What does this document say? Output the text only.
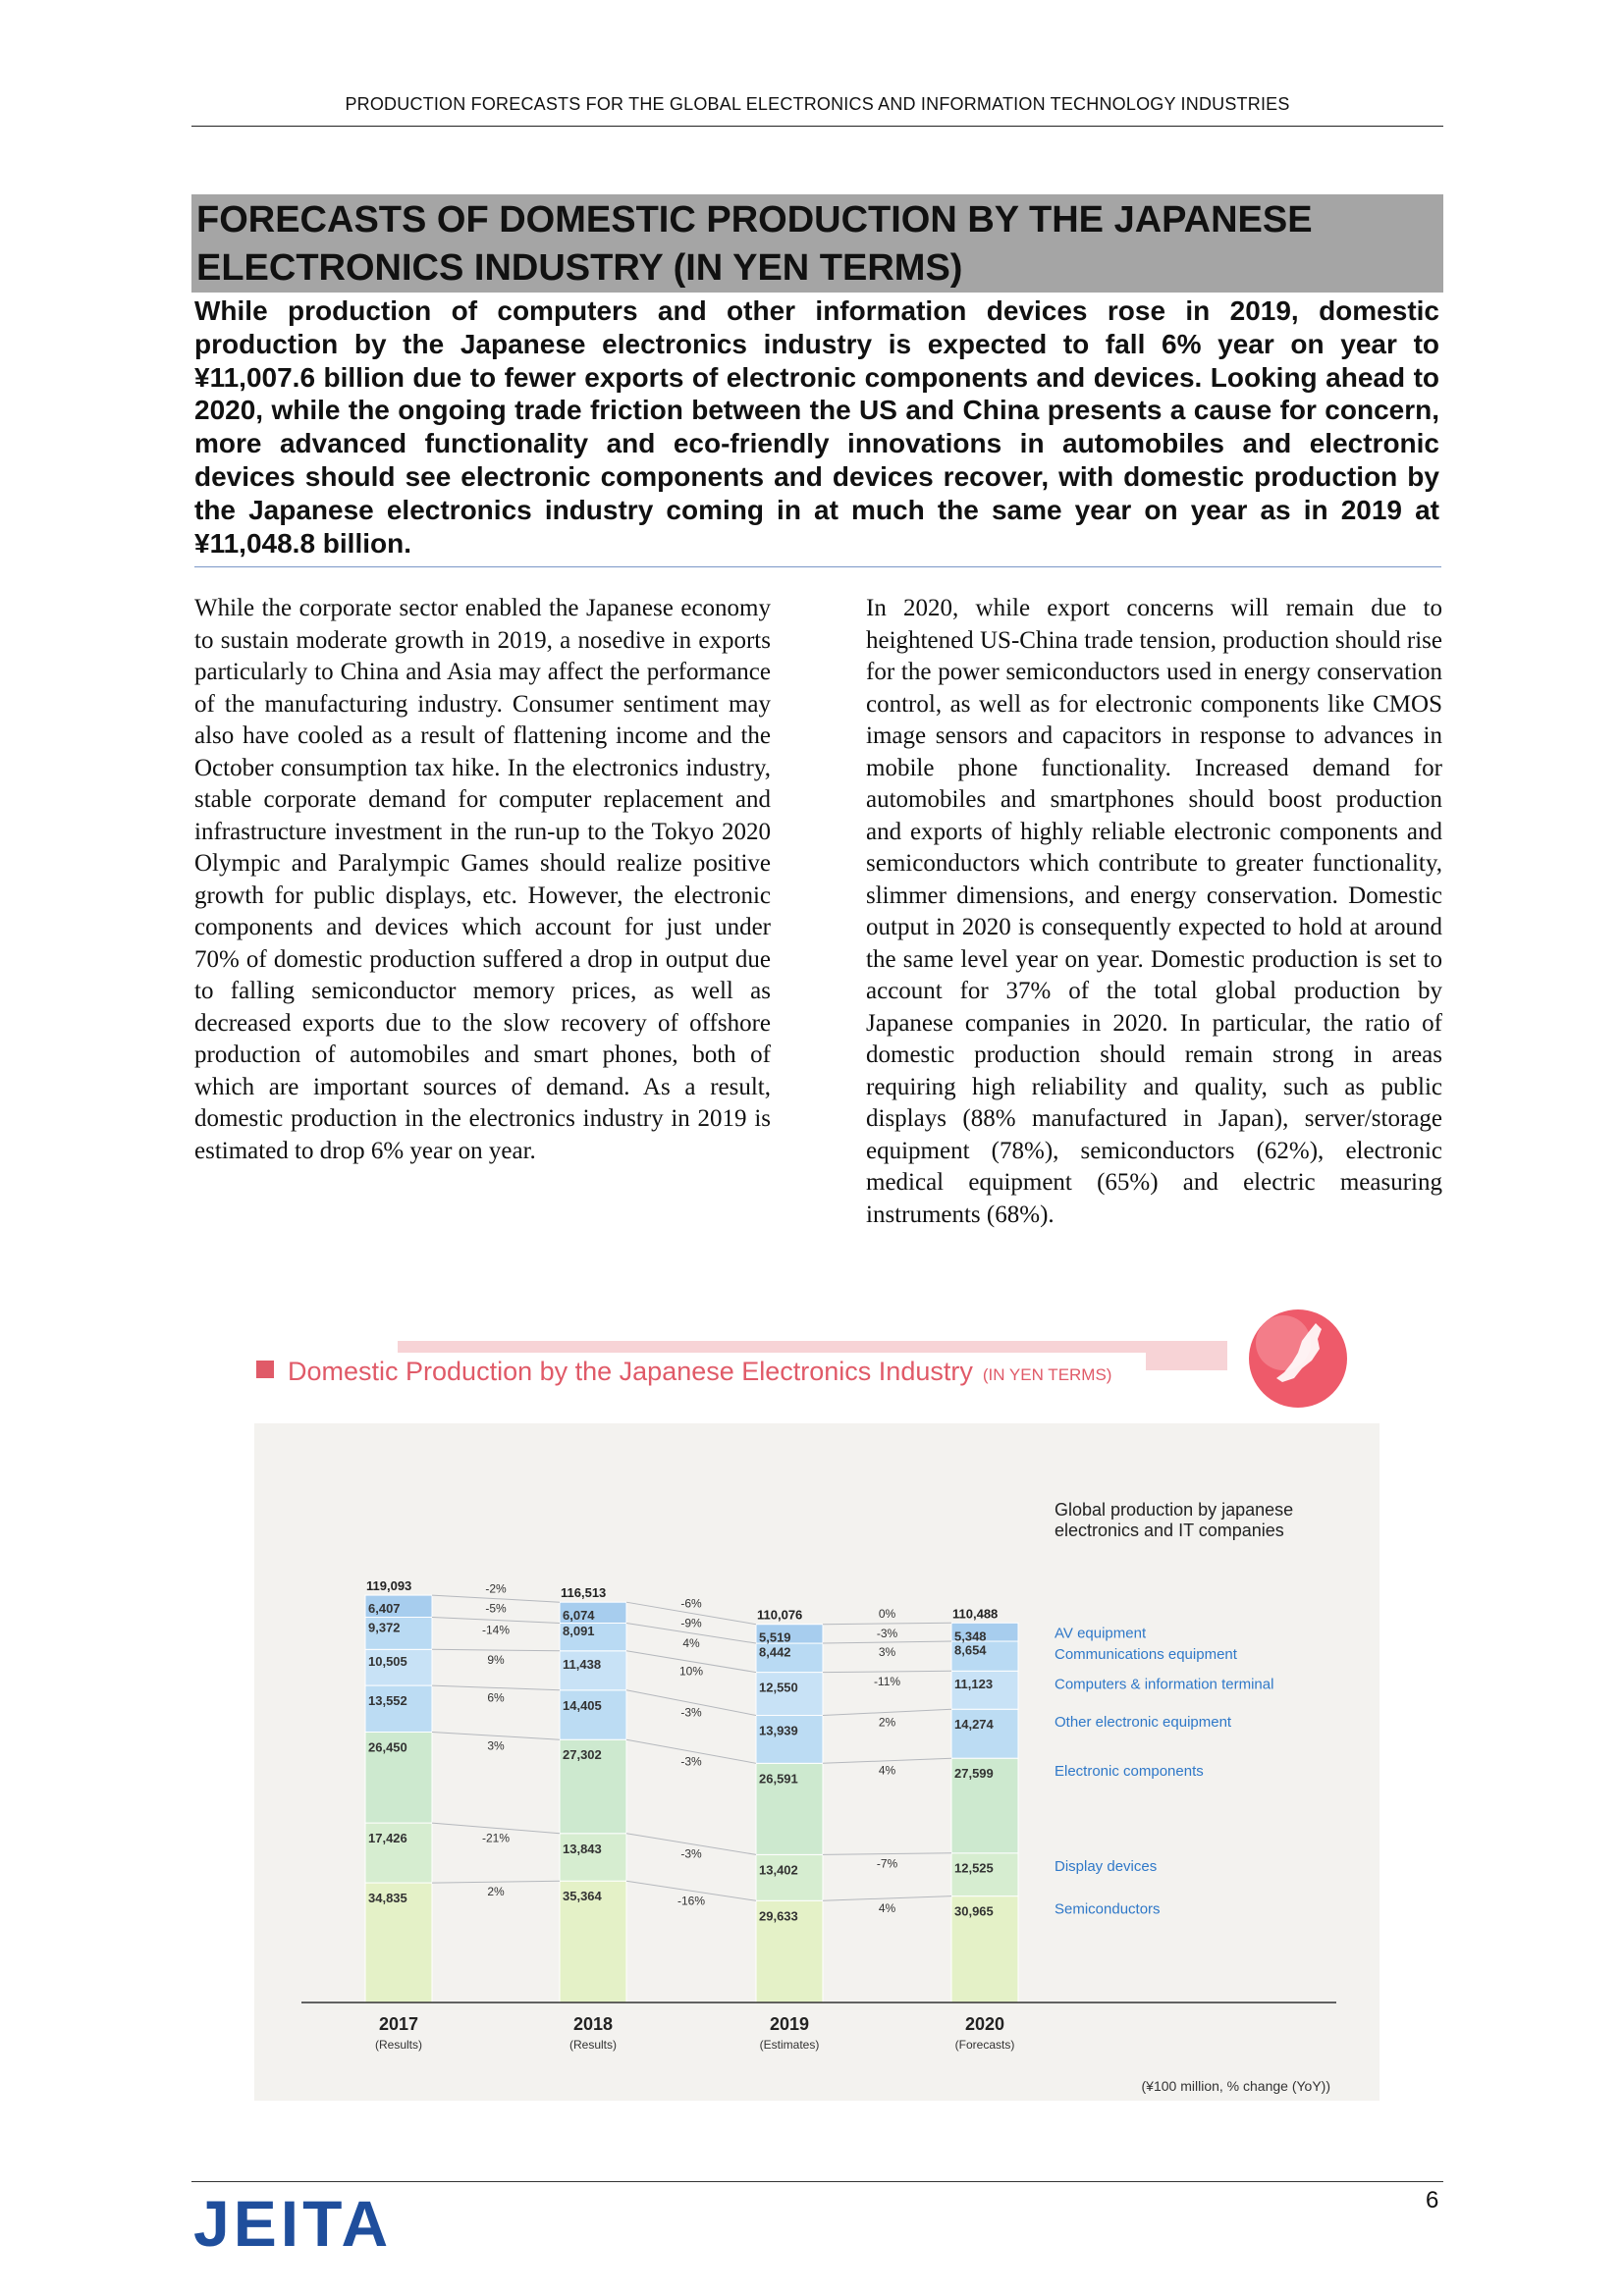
PRODUCTION FORECASTS FOR THE GLOBAL ELECTRONICS AND INFORMATION TECHNOLOGY INDUSTRIES
FORECASTS OF DOMESTIC PRODUCTION BY THE JAPANESE
ELECTRONICS INDUSTRY (IN YEN TERMS)
While production of computers and other information devices rose in 2019, domestic production by the Japanese electronics industry is expected to fall 6% year on year to ¥11,007.6 billion due to fewer exports of electronic components and devices. Looking ahead to 2020, while the ongoing trade friction between the US and China presents a cause for concern, more advanced functionality and eco-friendly innovations in automobiles and electronic devices should see electronic components and devices recover, with domestic production by the Japanese electronics industry coming in at much the same year on year as in 2019 at ¥11,048.8 billion.
While the corporate sector enabled the Japanese economy to sustain moderate growth in 2019, a nosedive in exports particularly to China and Asia may affect the performance of the manufacturing industry. Consumer sentiment may also have cooled as a result of flattening income and the October consumption tax hike. In the electronics industry, stable corporate demand for computer replacement and infrastructure investment in the run-up to the Tokyo 2020 Olympic and Paralympic Games should realize positive growth for public displays, etc. However, the electronic components and devices which account for just under 70% of domestic production suffered a drop in output due to falling semiconductor memory prices, as well as decreased exports due to the slow recovery of offshore production of automobiles and smart phones, both of which are important sources of demand. As a result, domestic production in the electronics industry in 2019 is estimated to drop 6% year on year.
In 2020, while export concerns will remain due to heightened US-China trade tension, production should rise for the power semiconductors used in energy conservation control, as well as for electronic components like CMOS image sensors and capacitors in response to advances in mobile phone functionality. Increased demand for automobiles and smartphones should boost production and exports of highly reliable electronic components and semiconductors which contribute to greater functionality, slimmer dimensions, and energy conservation. Domestic output in 2020 is consequently expected to hold at around the same level year on year. Domestic production is set to account for 37% of the total global production by Japanese companies in 2020. In particular, the ratio of domestic production should remain strong in areas requiring high reliability and quality, such as public displays (88% manufactured in Japan), server/storage equipment (78%), semiconductors (62%), electronic medical equipment (65%) and electric measuring instruments (68%).
Domestic Production by the Japanese Electronics Industry (IN YEN TERMS)
6,407
9,372
10,505
13,552
26,450
17,426
34,835
119,093
2017
(Results)
6,074
8,091
11,438
14,405
27,302
13,843
35,364
116,513
2018
(Results)
5,519
8,442
12,550
13,939
26,591
13,402
29,633
110,076
2019
(Estimates)
5,348
8,654
11,123
14,274
27,599
12,525
30,965
110,488
2020
(Forecasts)
-2%
-5%
-14%
9%
6%
3%
-21%
2%
-6%
-9%
4%
10%
-3%
-3%
-3%
-16%
0%
-3%
3%
-11%
2%
4%
-7%
4%
Global production by japanese
electronics and IT companies
AV equipment
Communications equipment
Computers & information terminal
Other electronic equipment
Electronic components
Display devices
Semiconductors
(¥100 million, % change (YoY))
JEITA	6
